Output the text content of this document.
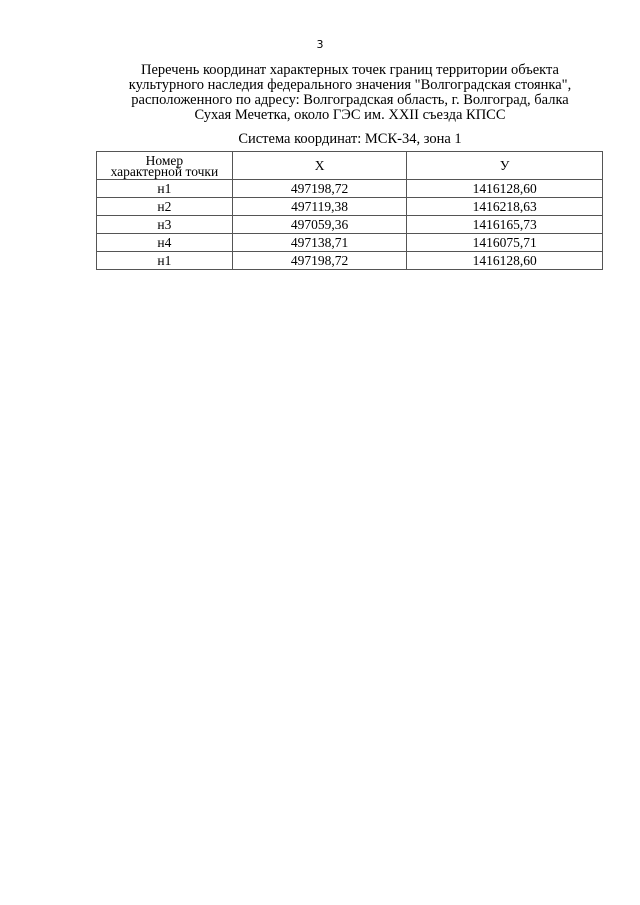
3
Перечень координат характерных точек границ территории объекта
культурного наследия федерального значения "Волгоградская стоянка",
расположенного по адресу: Волгоградская область, г. Волгоград, балка
Сухая Мечетка, около ГЭС им. XXII съезда КПСС
Система координат: МСК-34, зона 1
Номер
характерной точки	Х	У
н1	497198,72	1416128,60
н2	497119,38	1416218,63
н3	497059,36	1416165,73
н4	497138,71	1416075,71
н1	497198,72	1416128,60
